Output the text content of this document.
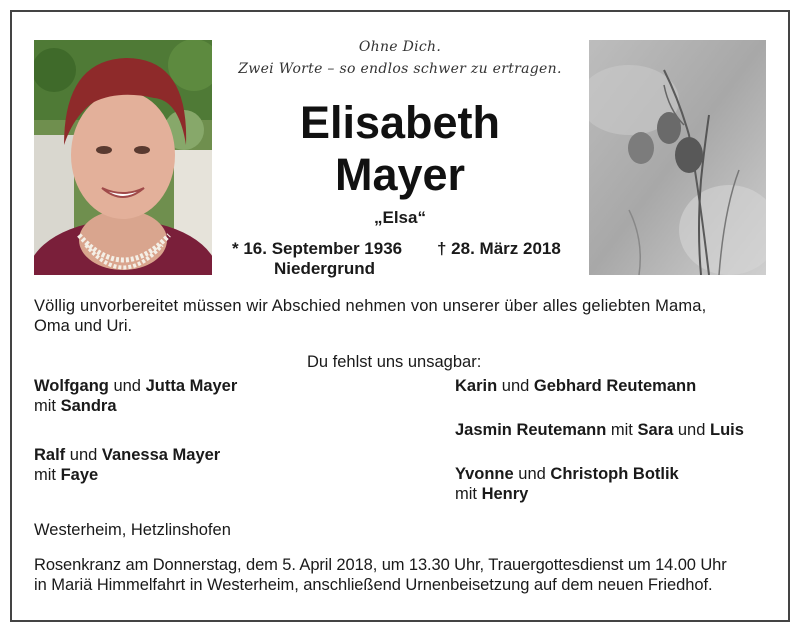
Ohne Dich.
Zwei Worte – so endlos schwer zu ertragen.
Elisabeth
Mayer
„Elsa“
* 16. September 1936 † 28. März 2018
Niedergrund
Völlig unvorbereitet müssen wir Abschied nehmen von unserer über alles geliebten Mama,
Oma und Uri.
Du fehlst uns unsagbar:
Wolfgang und Jutta Mayer
mit Sandra
Ralf und Vanessa Mayer
mit Faye
Karin und Gebhard Reutemann
Jasmin Reutemann mit Sara und Luis
Yvonne und Christoph Botlik
mit Henry
Westerheim, Hetzlinshofen
Rosenkranz am Donnerstag, dem 5. April 2018, um 13.30 Uhr, Trauergottesdienst um 14.00 Uhr
in Mariä Himmelfahrt in Westerheim, anschließend Urnenbeisetzung auf dem neuen Friedhof.
